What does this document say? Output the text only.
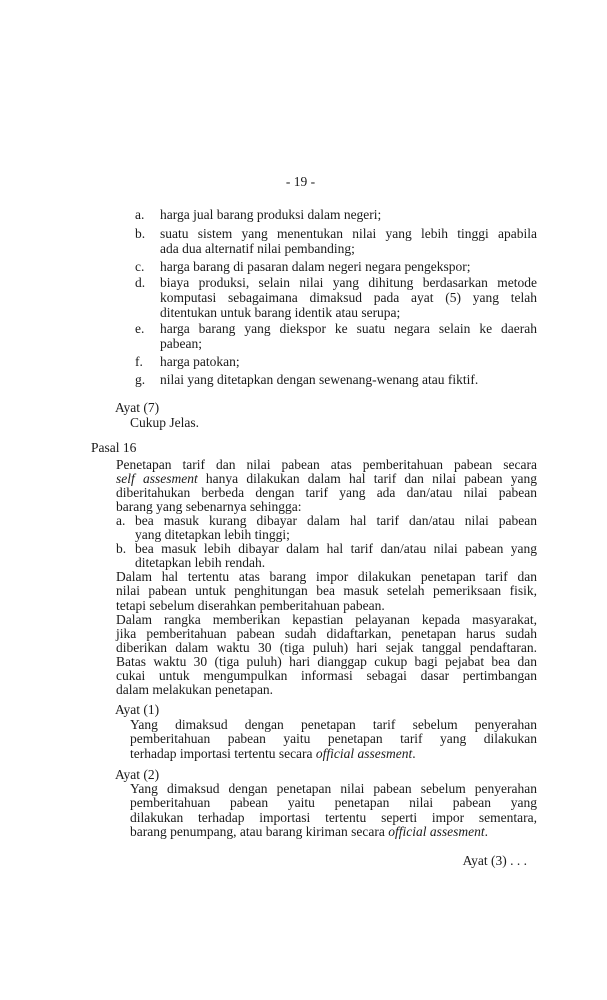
- 19 -
a. harga jual barang produksi dalam negeri;
b. suatu sistem yang menentukan nilai yang lebih tinggi apabila
ada dua alternatif nilai pembanding;
c. harga barang di pasaran dalam negeri negara pengekspor;
d. biaya produksi, selain nilai yang dihitung berdasarkan metode
komputasi sebagaimana dimaksud pada ayat (5) yang telah
ditentukan untuk barang identik atau serupa;
e. harga barang yang diekspor ke suatu negara selain ke daerah
pabean;
f. harga patokan;
g. nilai yang ditetapkan dengan sewenang-wenang atau fiktif.
Ayat (7)
Cukup Jelas.
Pasal 16
Penetapan tarif dan nilai pabean atas pemberitahuan pabean secara
self assesment hanya dilakukan dalam hal tarif dan nilai pabean yang
diberitahukan berbeda dengan tarif yang ada dan/atau nilai pabean
barang yang sebenarnya sehingga:
a. bea masuk kurang dibayar dalam hal tarif dan/atau nilai pabean
yang ditetapkan lebih tinggi;
b. bea masuk lebih dibayar dalam hal tarif dan/atau nilai pabean yang
ditetapkan lebih rendah.
Dalam hal tertentu atas barang impor dilakukan penetapan tarif dan
nilai pabean untuk penghitungan bea masuk setelah pemeriksaan fisik,
tetapi sebelum diserahkan pemberitahuan pabean.
Dalam rangka memberikan kepastian pelayanan kepada masyarakat,
jika pemberitahuan pabean sudah didaftarkan, penetapan harus sudah
diberikan dalam waktu 30 (tiga puluh) hari sejak tanggal pendaftaran.
Batas waktu 30 (tiga puluh) hari dianggap cukup bagi pejabat bea dan
cukai untuk mengumpulkan informasi sebagai dasar pertimbangan
dalam melakukan penetapan.
Ayat (1)
Yang dimaksud dengan penetapan tarif sebelum penyerahan
pemberitahuan pabean yaitu penetapan tarif yang dilakukan
terhadap importasi tertentu secara official assesment.
Ayat (2)
Yang dimaksud dengan penetapan nilai pabean sebelum penyerahan
pemberitahuan pabean yaitu penetapan nilai pabean yang
dilakukan terhadap importasi tertentu seperti impor sementara,
barang penumpang, atau barang kiriman secara official assesment.
Ayat (3) . . .
